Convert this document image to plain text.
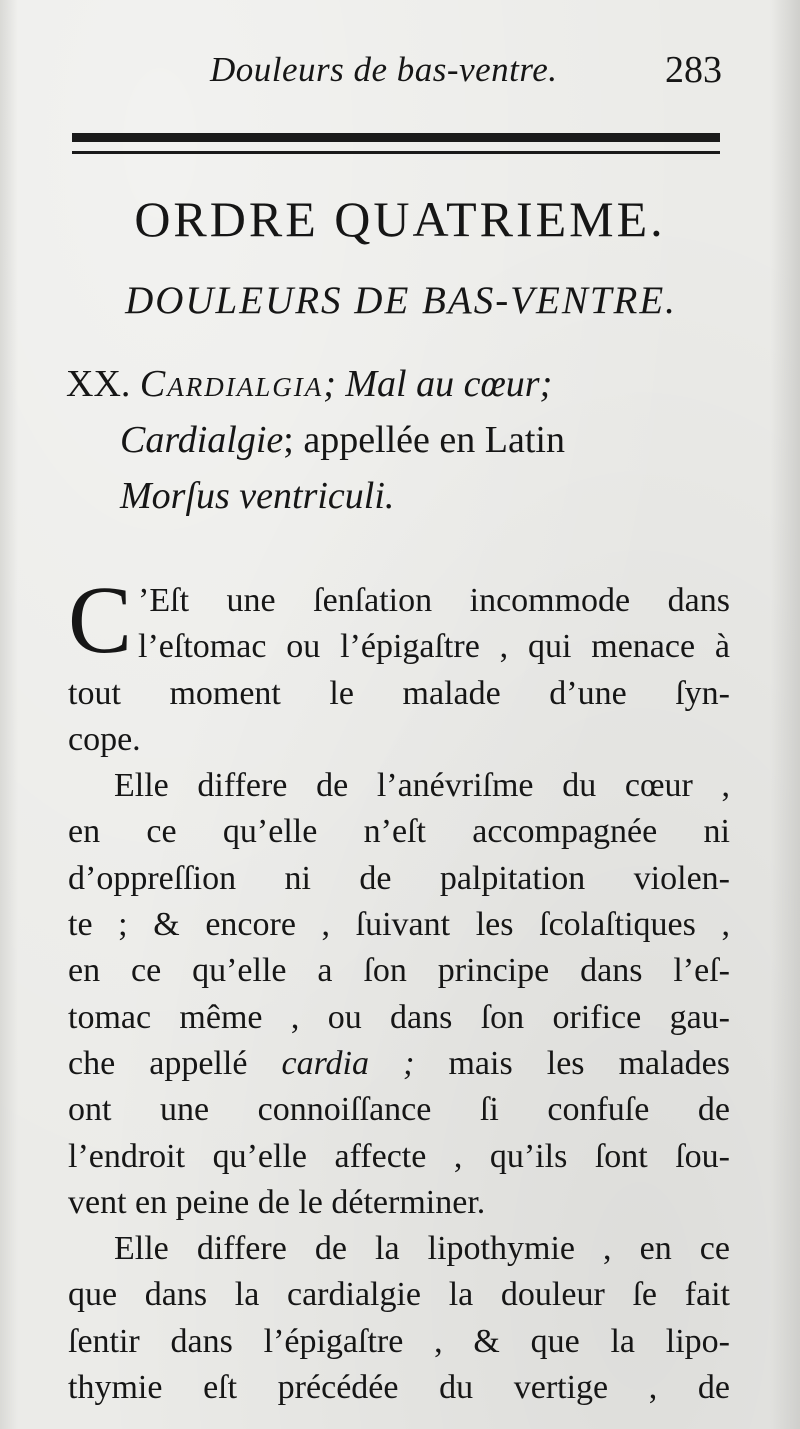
Douleurs de bas-ventre.	283
ORDRE QUATRIEME.
DOULEURS DE BAS-VENTRE.
XX. Cardialgia; Mal au cœur;
Cardialgie; appellée en Latin
Morſus ventriculi.

C ’Eſt une ſenſation incommode dans
l’eſtomac ou l’épigaſtre , qui menace à
tout moment le malade d’une ſyn-
cope.

Elle differe de l’anévriſme du cœur ,
en ce qu’elle n’eſt accompagnée ni
d’oppreſſion ni de palpitation violen-
te ; & encore , ſuivant les ſcolaſtiques ,
en ce qu’elle a ſon principe dans l’eſ-
tomac même , ou dans ſon orifice gau-
che appellé cardia ; mais les malades
ont une connoiſſance ſi confuſe de
l’endroit qu’elle affecte , qu’ils ſont ſou-
vent en peine de le déterminer.

Elle differe de la lipothymie , en ce
que dans la cardialgie la douleur ſe fait
ſentir dans l’épigaſtre , & que la lipo-
thymie eſt précédée du vertige , de
